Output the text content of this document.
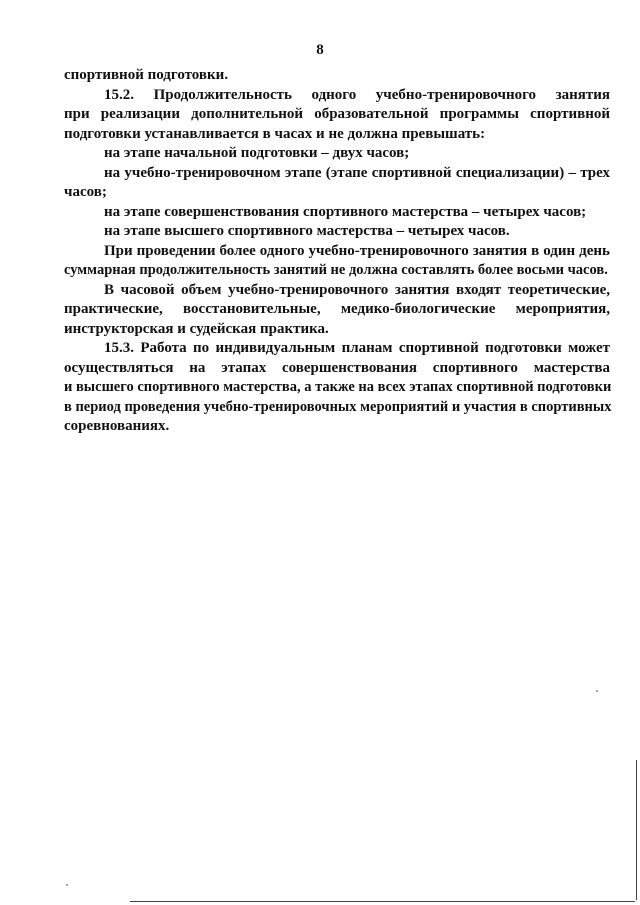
8
спортивной подготовки.
15.2. Продолжительность одного учебно-тренировочного занятия
при реализации дополнительной образовательной программы спортивной
подготовки устанавливается в часах и не должна превышать:
на этапе начальной подготовки – двух часов;
на учебно-тренировочном этапе (этапе спортивной специализации) – трех
часов;
на этапе совершенствования спортивного мастерства – четырех часов;
на этапе высшего спортивного мастерства – четырех часов.
При проведении более одного учебно-тренировочного занятия в один день
суммарная продолжительность занятий не должна составлять более восьми часов.
В часовой объем учебно-тренировочного занятия входят теоретические,
практические, восстановительные, медико-биологические мероприятия,
инструкторская и судейская практика.
15.3. Работа по индивидуальным планам спортивной подготовки может
осуществляться на этапах совершенствования спортивного мастерства
и высшего спортивного мастерства, а также на всех этапах спортивной подготовки
в период проведения учебно-тренировочных мероприятий и участия в спортивных
соревнованиях.
